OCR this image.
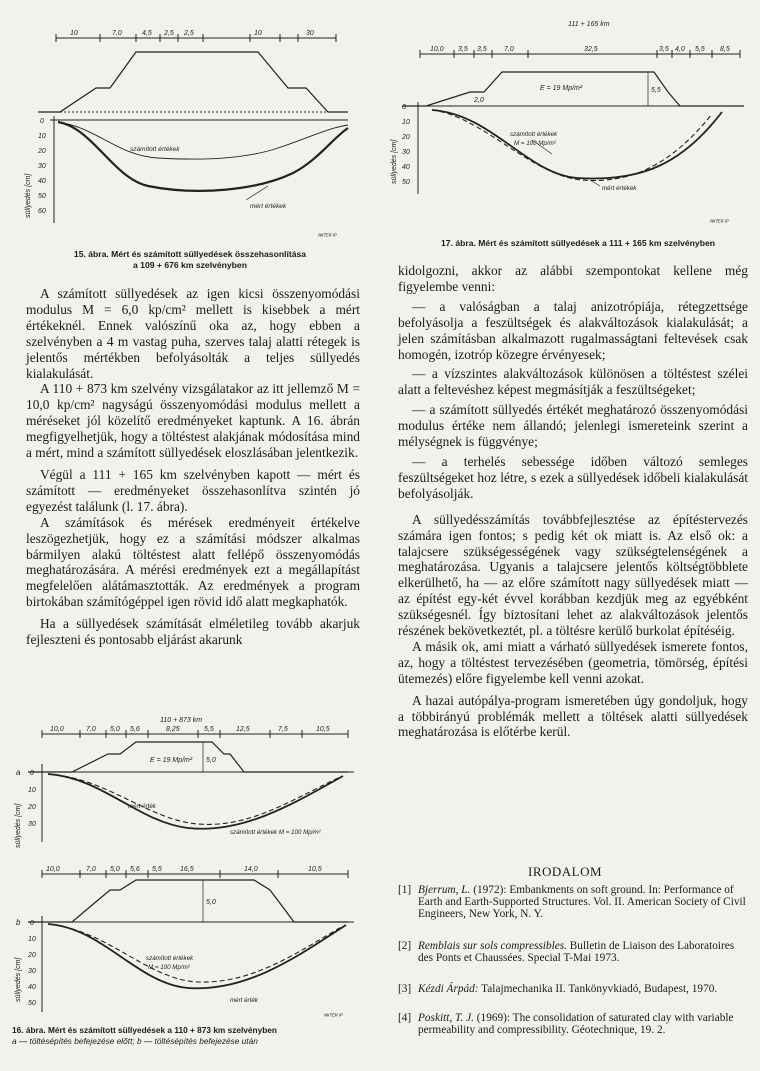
10	7,0	4,5 2,5 2,5	10	30
0
10
20
30
40
50
60
számított értékek
mért értékek
ᴺᴷᵀᴱᴿ ᴵᴾ
süllyedés [cm]
15. ábra. Mért és számított süllyedések összehasonlítása
a 109 + 676 km szelvényben
111 + 165 km
10,0 3,5 3,5 7,0	32,5	3,5 4,0 5,5 8,5
E = 19 Mp/m²	5,5
2,0
0
10
20
30
40
50
számított értékek
M = 100 Mp/m²
mért értékek
ᴺᴷᵀᴱᴿ ᴵᴾ
süllyedés [cm]
17. ábra. Mért és számított süllyedések a 111 + 165 km szelvényben

A számított süllyedések az igen kicsi összenyomódási modulus M = 6,0 kp/cm² mellett is kisebbek a mért értékeknél. Ennek valószínű oka az, hogy ebben a szelvényben a 4 m vastag puha, szerves talaj alatti rétegek is jelentős mértékben befolyásolták a teljes süllyedés kialakulását.

A 110 + 873 km szelvény vizsgálatakor az itt jellemző M = 10,0 kp/cm² nagyságú összenyomódási modulus mellett a méréseket jól közelítő eredményeket kaptunk. A 16. ábrán megfigyelhetjük, hogy a töltéstest alakjának módosítása mind a mért, mind a számított süllyedések eloszlásában jelentkezik.

Végül a 111 + 165 km szelvényben kapott — mért és számított — eredményeket összehasonlítva szintén jó egyezést találunk (l. 17. ábra).

A számítások és mérések eredményeit értékelve leszögezhetjük, hogy ez a számítási módszer alkalmas bármilyen alakú töltéstest alatt fellépő összenyomódás meghatározására. A mérési eredmények ezt a megállapítást megfelelően alátámasztották. Az eredmények a program birtokában számítógéppel igen rövid idő alatt megkaphatók.

Ha a süllyedések számítását elméletileg tovább akarjuk fejleszteni és pontosabb eljárást akarunk

110 + 873 km
10,0	7,0 5,0 5,6	8,25	5,5	12,5	7,5	10,5
E = 19 Mp/m² 5,0
a 0
10
20
30
mért érték
számított értékek M = 100 Mp/m²
10,0	7,0 5,0 5,6 5,5	16,5	14,0	10,5
5,0
b 0
10
20
30
40
50
számított értékek
M = 100 Mp/m²
mért érték
ᴺᴷᵀᴱᴿ ᴵᴾ
süllyedés [cm]
süllyedés [cm]
16. ábra. Mért és számított süllyedések a 110 + 873 km szelvényben
a — töltésépítés befejezése előtt; b — töltésépítés befejezése után

kidolgozni, akkor az alábbi szempontokat kellene még figyelembe venni:

— a valóságban a talaj anizotrópiája, rétegzettsége befolyásolja a feszültségek és alakváltozások kialakulását; a jelen számításban alkalmazott rugalmasságtani feltevések csak homogén, izotróp közegre érvényesek;

— a vízszintes alakváltozások különösen a töltéstest szélei alatt a feltevéshez képest megmásítják a feszültségeket;

— a számított süllyedés értékét meghatározó összenyomódási modulus értéke nem állandó; jelenlegi ismereteink szerint a mélységnek is függvénye;

— a terhelés sebessége időben változó semleges feszültségeket hoz létre, s ezek a süllyedések időbeli kialakulását befolyásolják.

A süllyedésszámítás továbbfejlesztése az építéstervezés számára igen fontos; s pedig két ok miatt is. Az első ok: a talajcsere szükségességének vagy szükségtelenségének a meghatározása. Ugyanis a talajcsere jelentős költségtöbblete elkerülhető, ha — az előre számított nagy süllyedések miatt — az építést egy-két évvel korábban kezdjük meg az egyébként szükségesnél. Így biztosítani lehet az alakváltozások jelentős részének bekövetkeztét, pl. a töltésre kerülő burkolat építéséig.

A másik ok, ami miatt a várható süllyedések ismerete fontos, az, hogy a töltéstest tervezésében (geometria, tömörség, építési ütemezés) előre figyelembe kell venni azokat.

A hazai autópálya-program ismeretében úgy gondoljuk, hogy a többirányú problémák mellett a töltések alatti süllyedések meghatározása is előtérbe kerül.

IRODALOM
[1] Bjerrum, L. (1972): Embankments on soft ground. In: Performance of Earth and Earth-Supported Structures. Vol. II. American Society of Civil Engineers, New York, N. Y.
[2] Remblais sur sols compressibles. Bulletin de Liaison des Laboratoires des Ponts et Chaussées. Special T-Mai 1973.
[3] Kézdi Árpád: Talajmechanika II. Tankönyvkiadó, Budapest, 1970.
[4] Poskitt, T. J. (1969): The consolidation of saturated clay with variable permeability and compressibility. Géotechnique, 19. 2.
